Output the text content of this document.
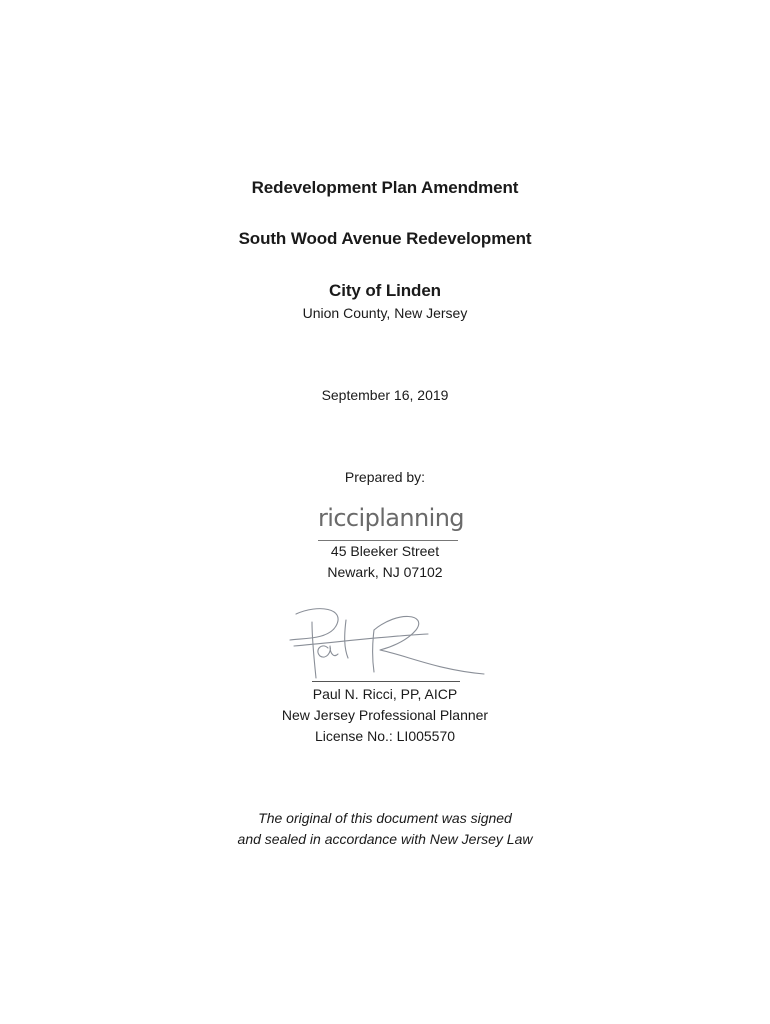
Redevelopment Plan Amendment
South Wood Avenue Redevelopment
City of Linden
Union County, New Jersey
September 16, 2019
Prepared by:
ricciplanning
45 Bleeker Street
Newark, NJ 07102
Paul N. Ricci, PP, AICP
New Jersey Professional Planner
License No.: LI005570
The original of this document was signed
and sealed in accordance with New Jersey Law
